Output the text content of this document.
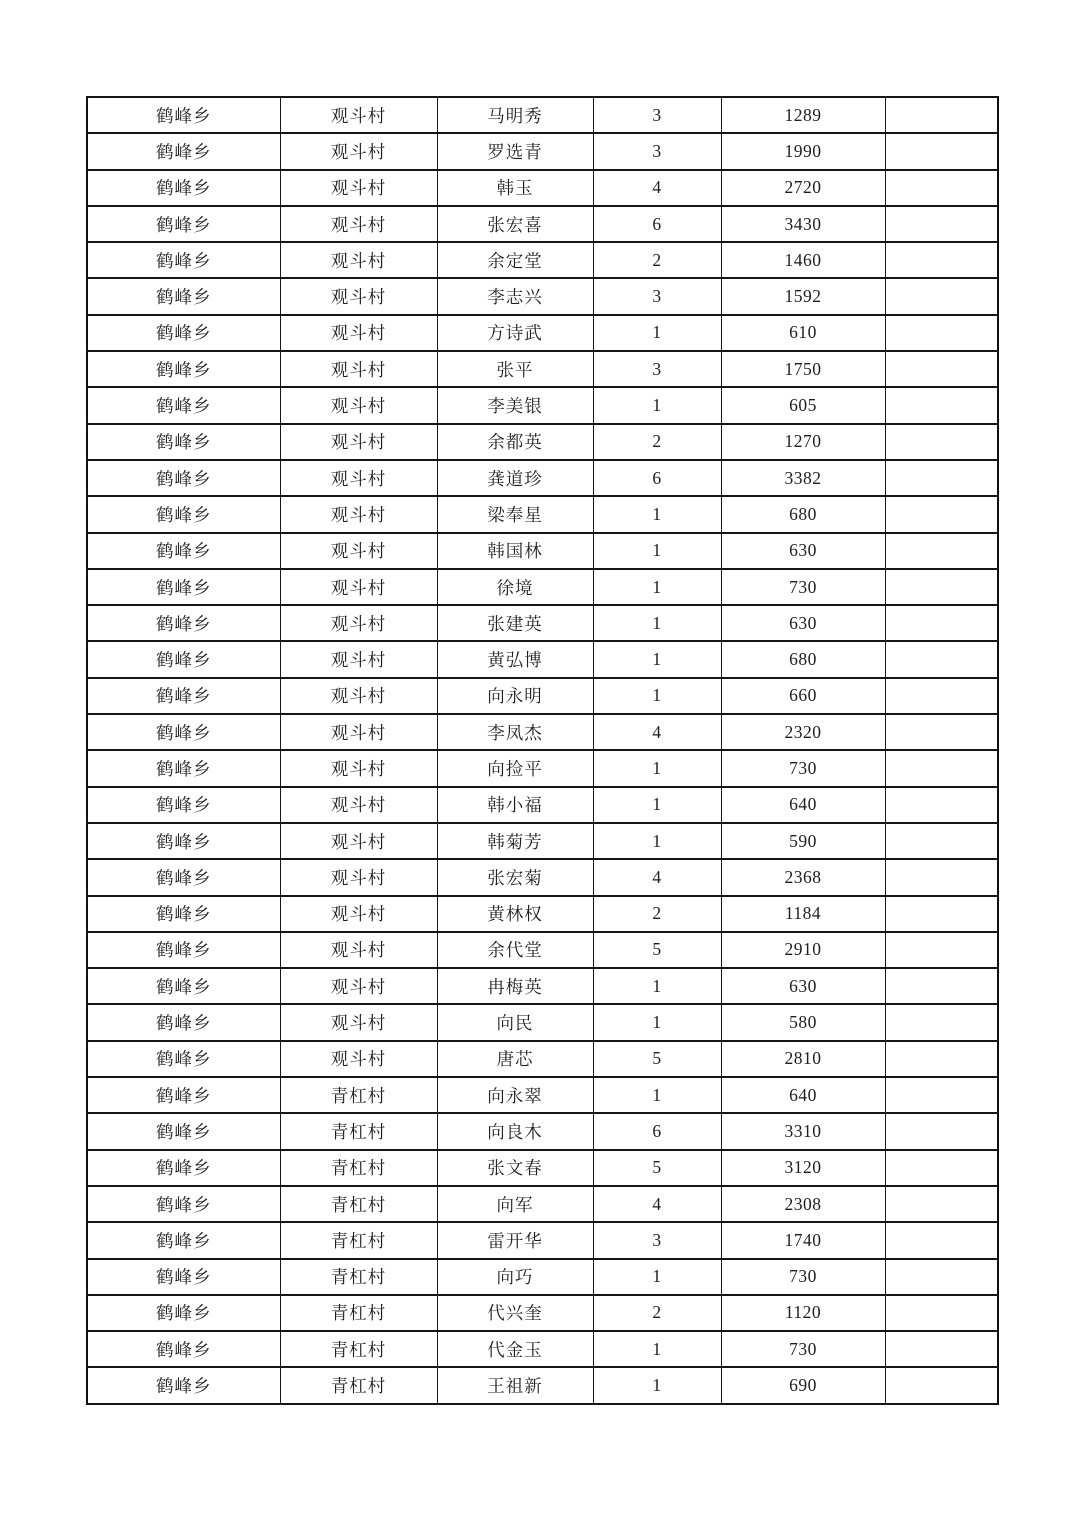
鹤峰乡	观斗村	马明秀	3	1289	
鹤峰乡	观斗村	罗选青	3	1990	
鹤峰乡	观斗村	韩玉	4	2720	
鹤峰乡	观斗村	张宏喜	6	3430	
鹤峰乡	观斗村	余定堂	2	1460	
鹤峰乡	观斗村	李志兴	3	1592	
鹤峰乡	观斗村	方诗武	1	610	
鹤峰乡	观斗村	张平	3	1750	
鹤峰乡	观斗村	李美银	1	605	
鹤峰乡	观斗村	余都英	2	1270	
鹤峰乡	观斗村	龚道珍	6	3382	
鹤峰乡	观斗村	梁奉星	1	680	
鹤峰乡	观斗村	韩国林	1	630	
鹤峰乡	观斗村	徐境	1	730	
鹤峰乡	观斗村	张建英	1	630	
鹤峰乡	观斗村	黄弘博	1	680	
鹤峰乡	观斗村	向永明	1	660	
鹤峰乡	观斗村	李凤杰	4	2320	
鹤峰乡	观斗村	向捡平	1	730	
鹤峰乡	观斗村	韩小福	1	640	
鹤峰乡	观斗村	韩菊芳	1	590	
鹤峰乡	观斗村	张宏菊	4	2368	
鹤峰乡	观斗村	黄林权	2	1184	
鹤峰乡	观斗村	余代堂	5	2910	
鹤峰乡	观斗村	冉梅英	1	630	
鹤峰乡	观斗村	向民	1	580	
鹤峰乡	观斗村	唐芯	5	2810	
鹤峰乡	青杠村	向永翠	1	640	
鹤峰乡	青杠村	向良木	6	3310	
鹤峰乡	青杠村	张文春	5	3120	
鹤峰乡	青杠村	向军	4	2308	
鹤峰乡	青杠村	雷开华	3	1740	
鹤峰乡	青杠村	向巧	1	730	
鹤峰乡	青杠村	代兴奎	2	1120	
鹤峰乡	青杠村	代金玉	1	730	
鹤峰乡	青杠村	王祖新	1	690	
